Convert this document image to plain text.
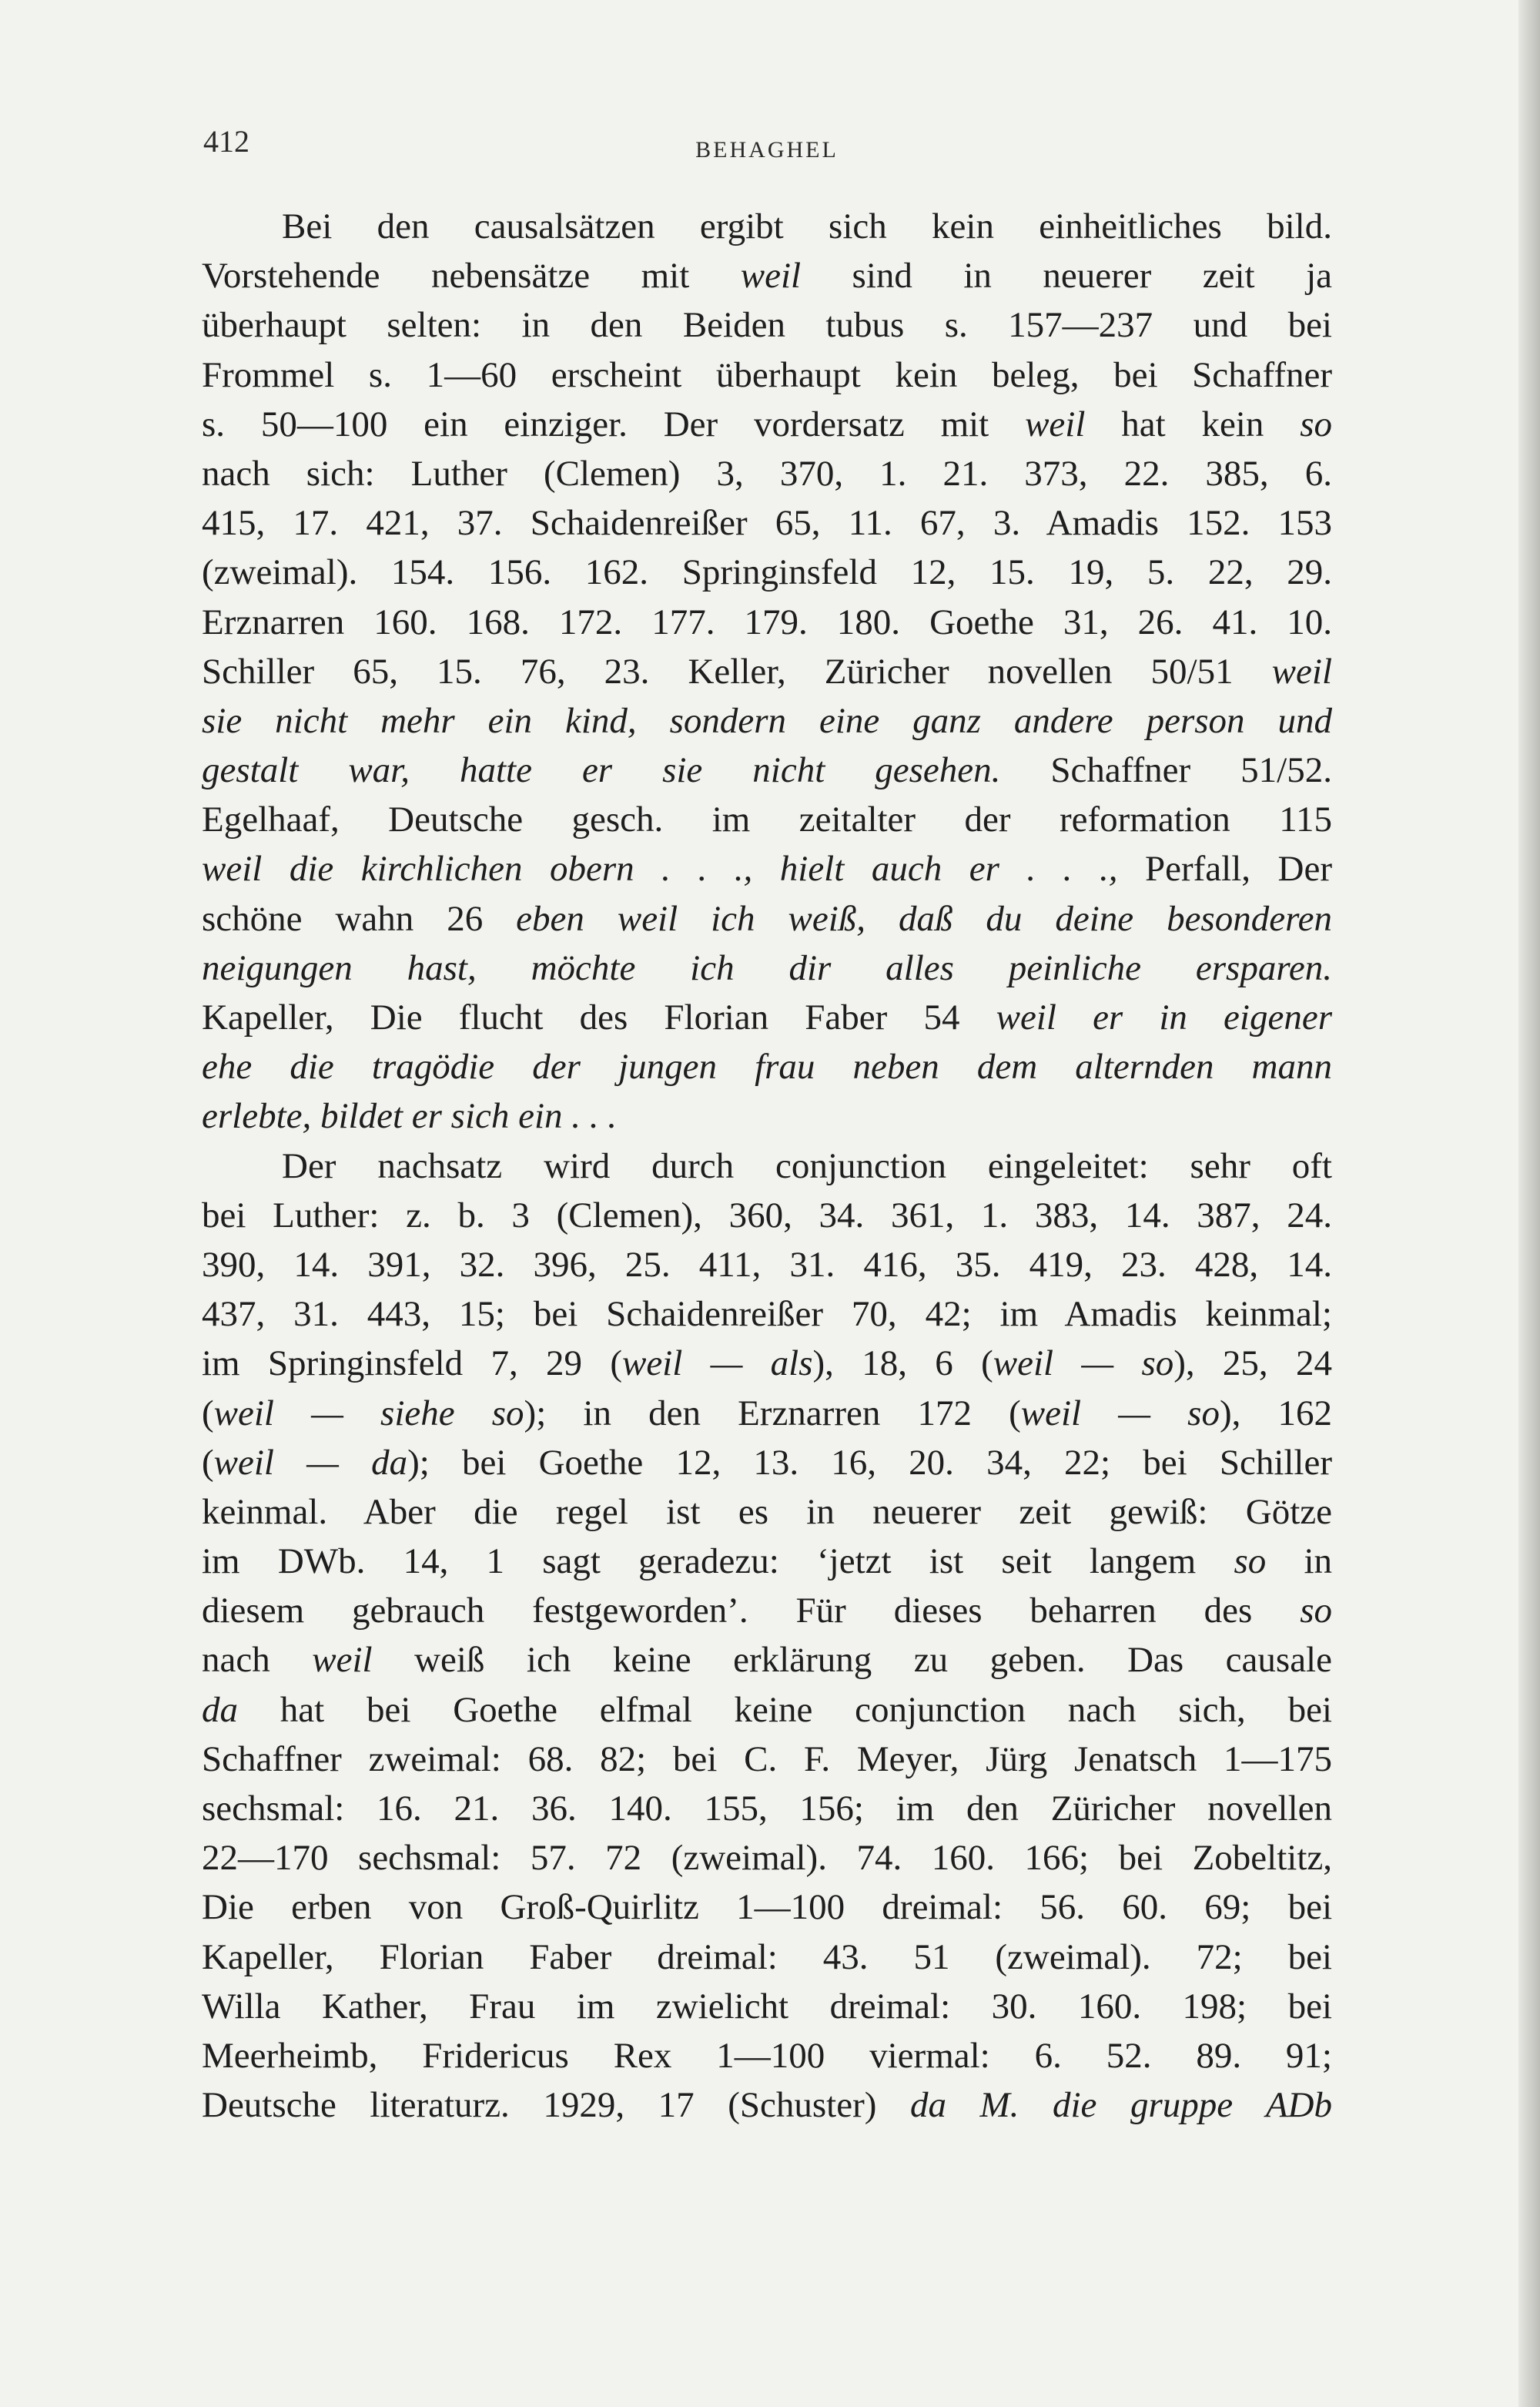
412	BEHAGHEL
Bei den causalsätzen ergibt sich kein einheitliches bild.
Vorstehende nebensätze mit weil sind in neuerer zeit ja
überhaupt selten: in den Beiden tubus s. 157—237 und bei
Frommel s. 1—60 erscheint überhaupt kein beleg, bei Schaffner
s. 50—100 ein einziger. Der vordersatz mit weil hat kein so
nach sich: Luther (Clemen) 3, 370, 1. 21. 373, 22. 385, 6.
415, 17. 421, 37. Schaidenreißer 65, 11. 67, 3. Amadis 152. 153
(zweimal). 154. 156. 162. Springinsfeld 12, 15. 19, 5. 22, 29.
Erznarren 160. 168. 172. 177. 179. 180. Goethe 31, 26. 41. 10.
Schiller 65, 15. 76, 23. Keller, Züricher novellen 50/51 weil
sie nicht mehr ein kind, sondern eine ganz andere person und
gestalt war, hatte er sie nicht gesehen. Schaffner 51/52.
Egelhaaf, Deutsche gesch. im zeitalter der reformation 115
weil die kirchlichen obern . . ., hielt auch er . . ., Perfall, Der
schöne wahn 26 eben weil ich weiß, daß du deine besonderen
neigungen hast, möchte ich dir alles peinliche ersparen.
Kapeller, Die flucht des Florian Faber 54 weil er in eigener
ehe die tragödie der jungen frau neben dem alternden mann
erlebte, bildet er sich ein . . .
Der nachsatz wird durch conjunction eingeleitet: sehr oft
bei Luther: z. b. 3 (Clemen), 360, 34. 361, 1. 383, 14. 387, 24.
390, 14. 391, 32. 396, 25. 411, 31. 416, 35. 419, 23. 428, 14.
437, 31. 443, 15; bei Schaidenreißer 70, 42; im Amadis keinmal;
im Springinsfeld 7, 29 (weil — als), 18, 6 (weil — so), 25, 24
(weil — siehe so); in den Erznarren 172 (weil — so), 162
(weil — da); bei Goethe 12, 13. 16, 20. 34, 22; bei Schiller
keinmal. Aber die regel ist es in neuerer zeit gewiß: Götze
im DWb. 14, 1 sagt geradezu: ‘jetzt ist seit langem so in
diesem gebrauch festgeworden’. Für dieses beharren des so
nach weil weiß ich keine erklärung zu geben. Das causale
da hat bei Goethe elfmal keine conjunction nach sich, bei
Schaffner zweimal: 68. 82; bei C. F. Meyer, Jürg Jenatsch 1—175
sechsmal: 16. 21. 36. 140. 155, 156; im den Züricher novellen
22—170 sechsmal: 57. 72 (zweimal). 74. 160. 166; bei Zobeltitz,
Die erben von Groß-Quirlitz 1—100 dreimal: 56. 60. 69; bei
Kapeller, Florian Faber dreimal: 43. 51 (zweimal). 72; bei
Willa Kather, Frau im zwielicht dreimal: 30. 160. 198; bei
Meerheimb, Fridericus Rex 1—100 viermal: 6. 52. 89. 91;
Deutsche literaturz. 1929, 17 (Schuster) da M. die gruppe ADb
